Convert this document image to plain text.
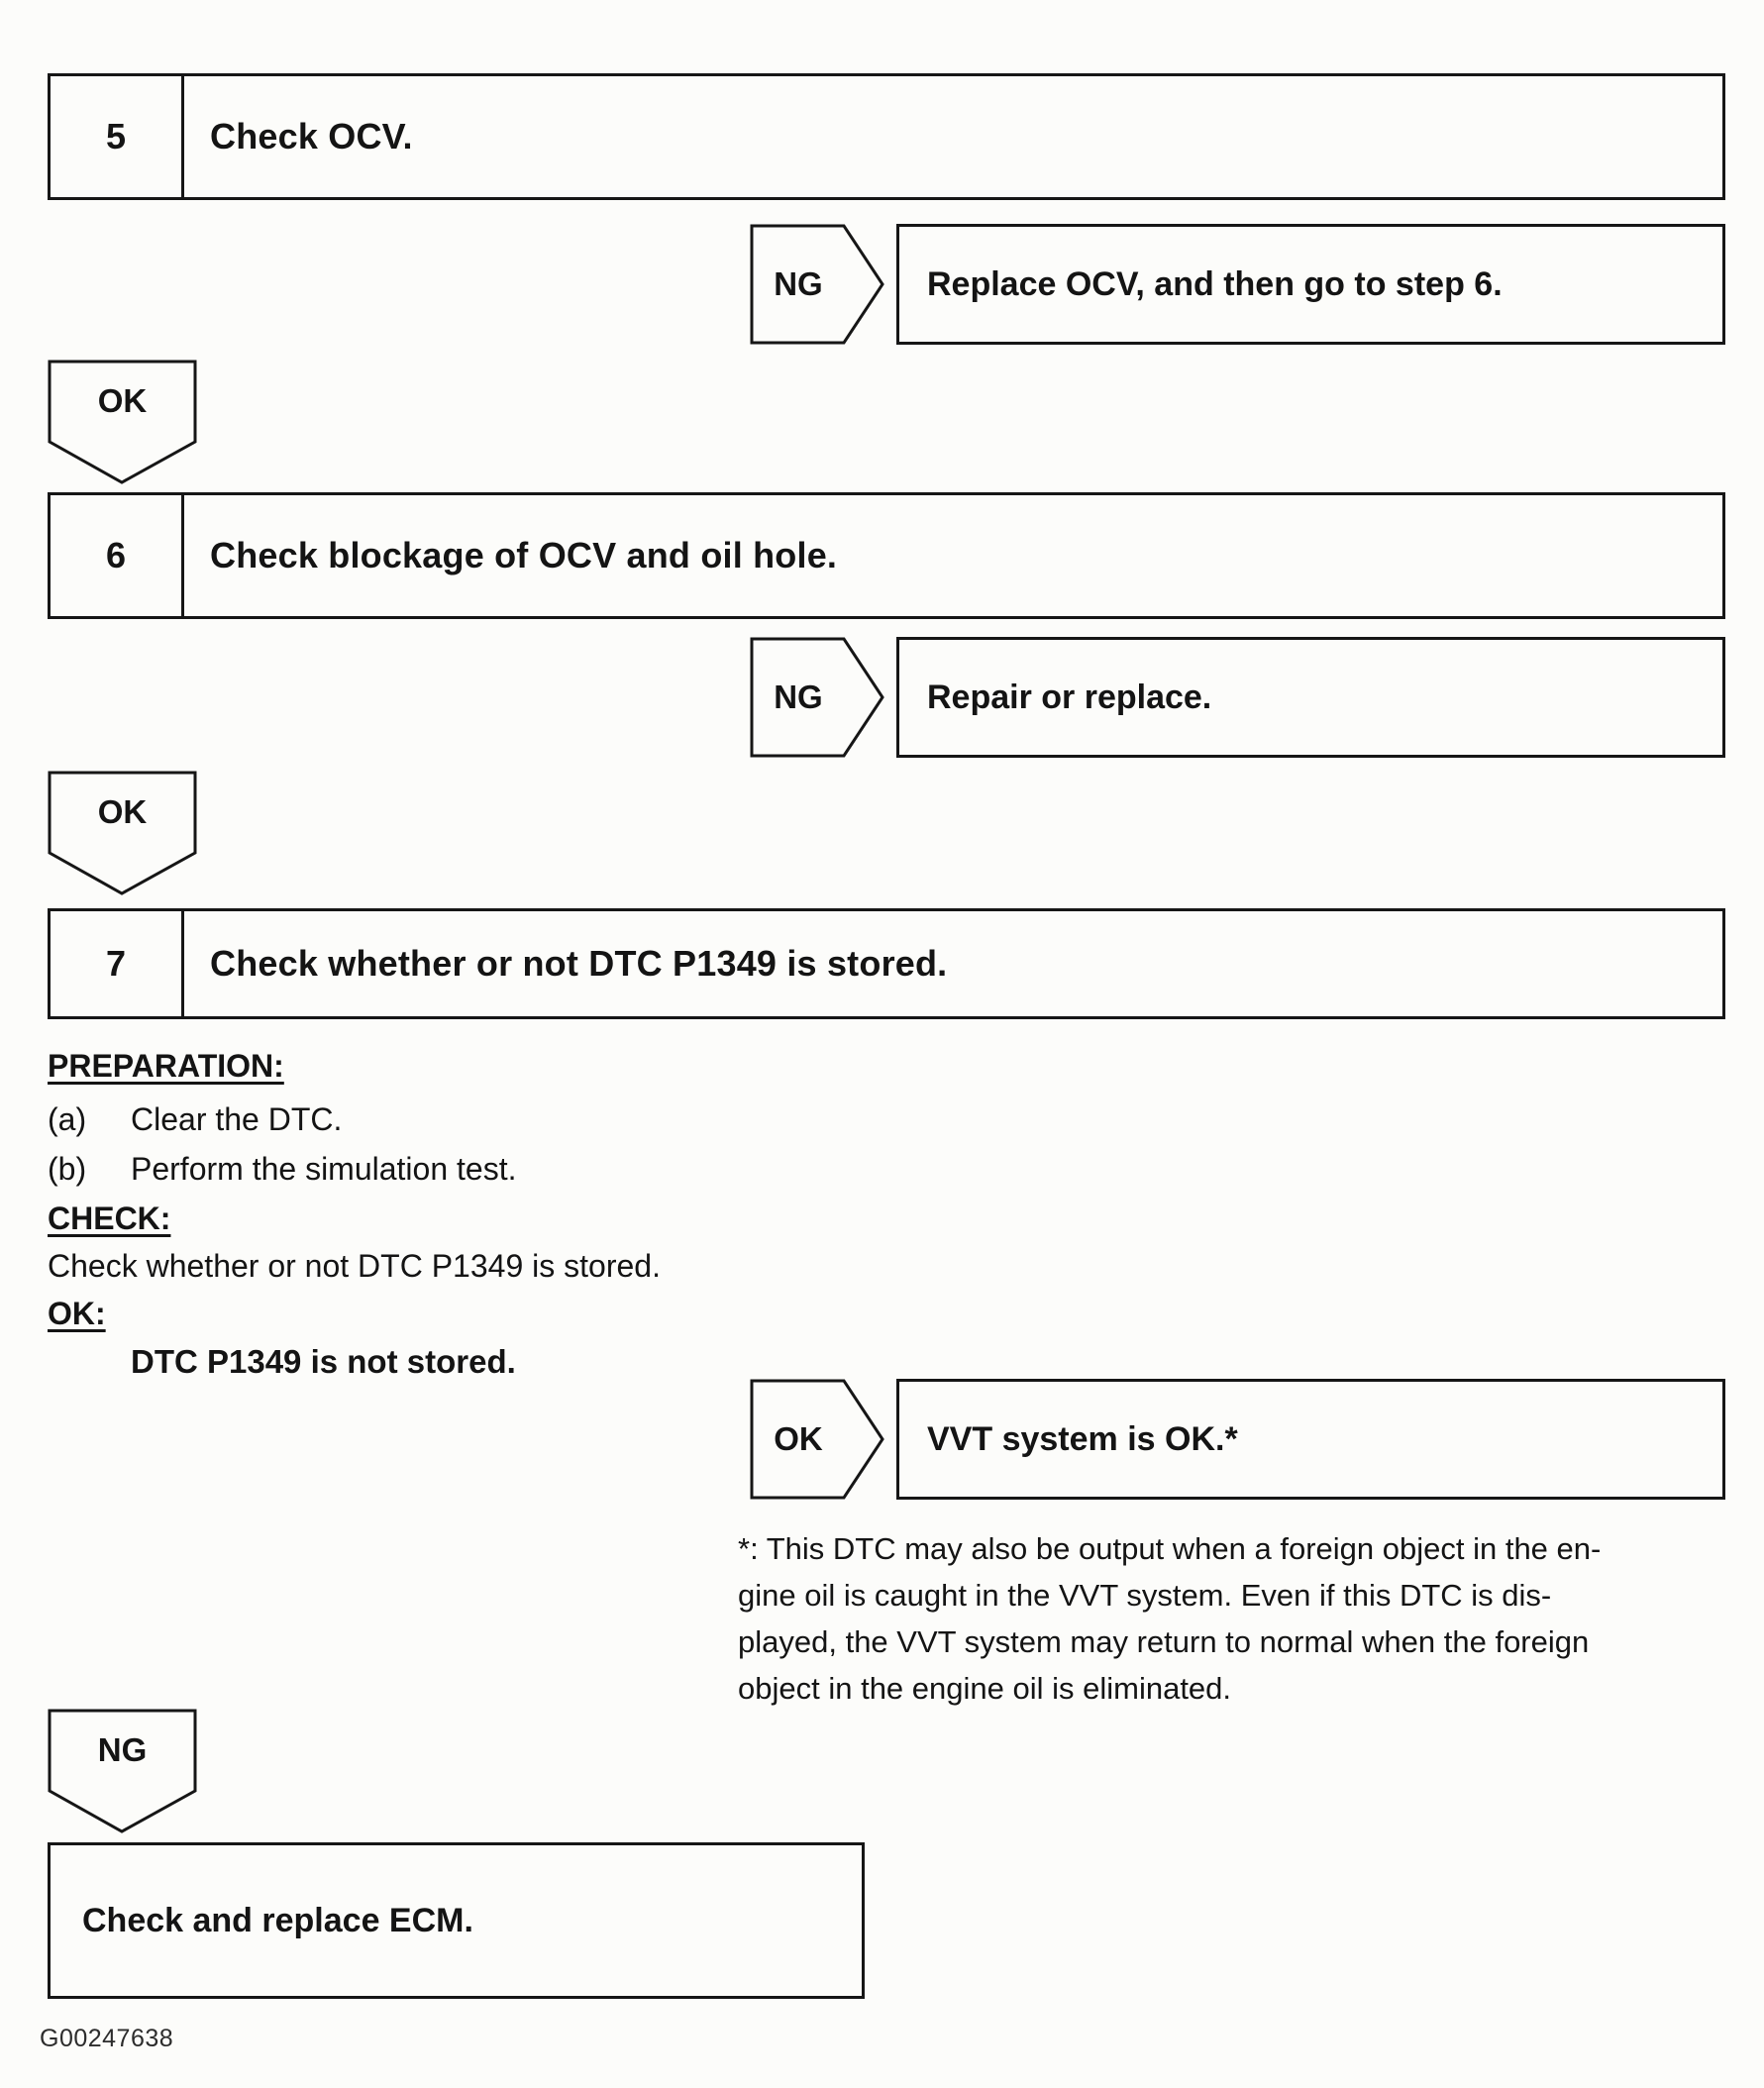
5	Check OCV.
NG	Replace OCV, and then go to step 6.
OK
6	Check blockage of OCV and oil hole.
NG	Repair or replace.
OK
7	Check whether or not DTC P1349 is stored.
PREPARATION:
(a) Clear the DTC.
(b) Perform the simulation test.
CHECK:
Check whether or not DTC P1349 is stored.
OK:
DTC P1349 is not stored.
OK	VVT system is OK.*
*: This DTC may also be output when a foreign object in the en-
gine oil is caught in the VVT system. Even if this DTC is dis-
played, the VVT system may return to normal when the foreign
object in the engine oil is eliminated.
NG
Check and replace ECM.
G00247638
